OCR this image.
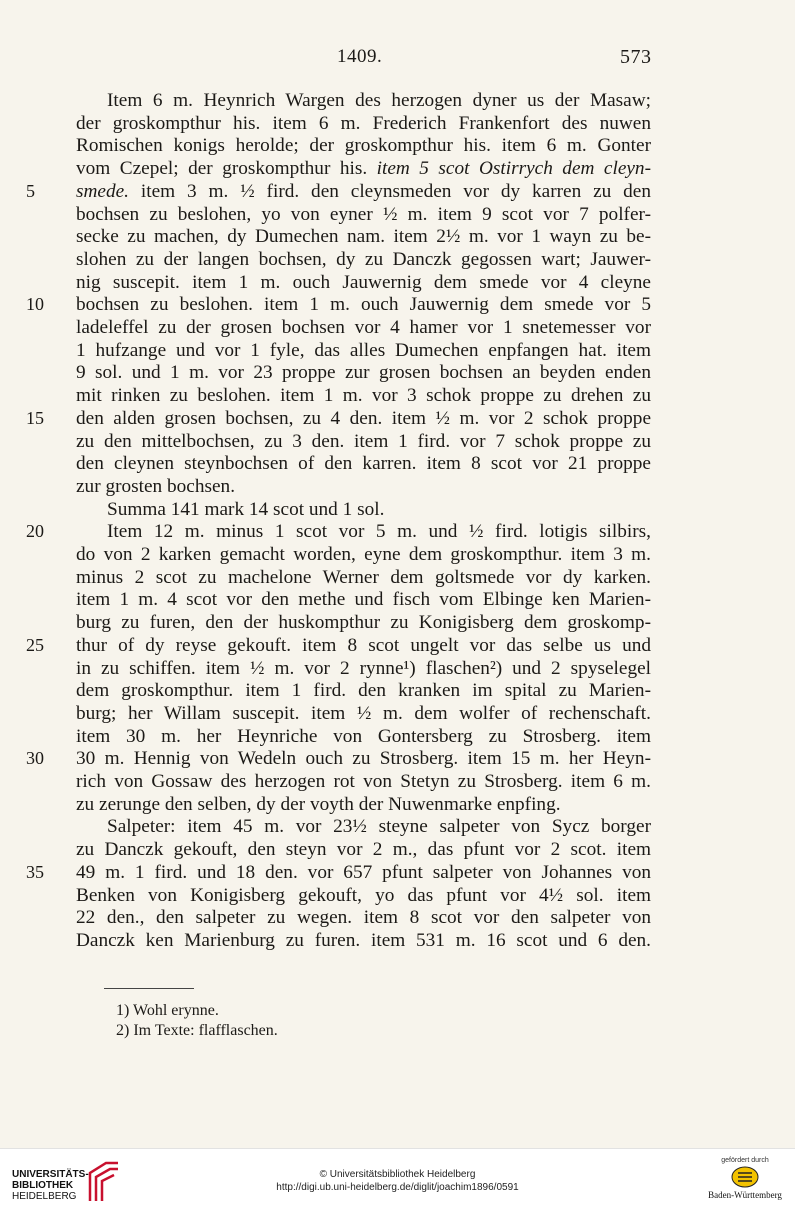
1409.	573
Item 6 m. Heynrich Wargen des herzogen dyner us der Masaw;
der groskompthur his. item 6 m. Frederich Frankenfort des nuwen
Romischen konigs herolde; der groskompthur his. item 6 m. Gonter
vom Czepel; der groskompthur his. item 5 scot Ostirrych dem cleyn-
smede. item 3 m. ½ fird. den cleynsmeden vor dy karren zu den
5
bochsen zu beslohen, yo von eyner ½ m. item 9 scot vor 7 polfer-
secke zu machen, dy Dumechen nam. item 2½ m. vor 1 wayn zu be-
slohen zu der langen bochsen, dy zu Danczk gegossen wart; Jauwer-
nig suscepit. item 1 m. ouch Jauwernig dem smede vor 4 cleyne
bochsen zu beslohen. item 1 m. ouch Jauwernig dem smede vor 5
10
ladeleffel zu der grosen bochsen vor 4 hamer vor 1 snetemesser vor
1 hufzange und vor 1 fyle, das alles Dumechen enpfangen hat. item
9 sol. und 1 m. vor 23 proppe zur grosen bochsen an beyden enden
mit rinken zu beslohen. item 1 m. vor 3 schok proppe zu drehen zu
den alden grosen bochsen, zu 4 den. item ½ m. vor 2 schok proppe
15
zu den mittelbochsen, zu 3 den. item 1 fird. vor 7 schok proppe zu
den cleynen steynbochsen of den karren. item 8 scot vor 21 proppe
zur grosten bochsen.
Summa 141 mark 14 scot und 1 sol.
Item 12 m. minus 1 scot vor 5 m. und ½ fird. lotigis silbirs,
20
do von 2 karken gemacht worden, eyne dem groskompthur. item 3 m.
minus 2 scot zu machelone Werner dem goltsmede vor dy karken.
item 1 m. 4 scot vor den methe und fisch vom Elbinge ken Marien-
burg zu furen, den der huskompthur zu Konigisberg dem groskomp-
thur of dy reyse gekouft. item 8 scot ungelt vor das selbe us und
25
in zu schiffen. item ½ m. vor 2 rynne¹) flaschen²) und 2 spyselegel
dem groskompthur. item 1 fird. den kranken im spital zu Marien-
burg; her Willam suscepit. item ½ m. dem wolfer of rechenschaft.
item 30 m. her Heynriche von Gontersberg zu Strosberg. item
30 m. Hennig von Wedeln ouch zu Strosberg. item 15 m. her Heyn-
30
rich von Gossaw des herzogen rot von Stetyn zu Strosberg. item 6 m.
zu zerunge den selben, dy der voyth der Nuwenmarke enpfing.
Salpeter: item 45 m. vor 23½ steyne salpeter von Sycz borger
zu Danczk gekouft, den steyn vor 2 m., das pfunt vor 2 scot. item
49 m. 1 fird. und 18 den. vor 657 pfunt salpeter von Johannes von
35
Benken von Konigisberg gekouft, yo das pfunt vor 4½ sol. item
22 den., den salpeter zu wegen. item 8 scot vor den salpeter von
Danczk ken Marienburg zu furen. item 531 m. 16 scot und 6 den.
1) Wohl erynne.
2) Im Texte: flafflaschen.
UNIVERSITÄTS-
BIBLIOTHEK
HEIDELBERG
© Universitätsbibliothek Heidelberg
http://digi.ub.uni-heidelberg.de/diglit/joachim1896/0591
gefördert durch
Baden-Württemberg
